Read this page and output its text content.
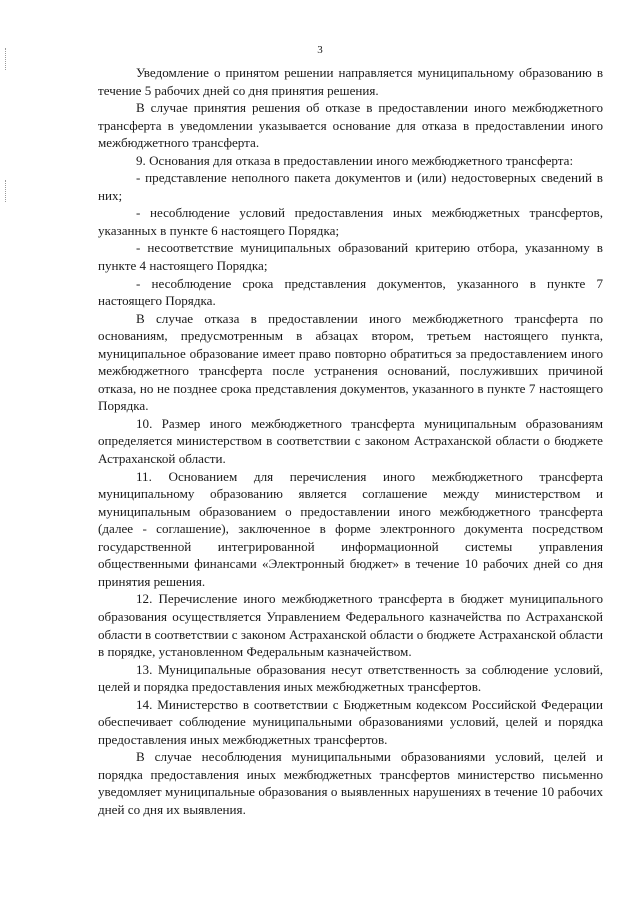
3

Уведомление о принятом решении направляется муниципальному образованию в течение 5 рабочих дней со дня принятия решения.

В случае принятия решения об отказе в предоставлении иного межбюджетного трансферта в уведомлении указывается основание для отказа в предоставлении иного межбюджетного трансферта.

9. Основания для отказа в предоставлении иного межбюджетного трансферта:

- представление неполного пакета документов и (или) недостоверных сведений в них;

- несоблюдение условий предоставления иных межбюджетных трансфертов, указанных в пункте 6 настоящего Порядка;

- несоответствие муниципальных образований критерию отбора, указанному в пункте 4 настоящего Порядка;

- несоблюдение срока представления документов, указанного в пункте 7 настоящего Порядка.

В случае отказа в предоставлении иного межбюджетного трансферта по основаниям, предусмотренным в абзацах втором, третьем настоящего пункта, муниципальное образование имеет право повторно обратиться за предоставлением иного межбюджетного трансферта после устранения оснований, послуживших причиной отказа, но не позднее срока представления документов, указанного в пункте 7 настоящего Порядка.

10. Размер иного межбюджетного трансферта муниципальным образованиям определяется министерством в соответствии с законом Астраханской области о бюджете Астраханской области.

11. Основанием для перечисления иного межбюджетного трансферта муниципальному образованию является соглашение между министерством и муниципальным образованием о предоставлении иного межбюджетного трансферта (далее - соглашение), заключенное в форме электронного документа посредством государственной интегрированной информационной системы управления общественными финансами «Электронный бюджет» в течение 10 рабочих дней со дня принятия решения.

12. Перечисление иного межбюджетного трансферта в бюджет муниципального образования осуществляется Управлением Федерального казначейства по Астраханской области в соответствии с законом Астраханской области о бюджете Астраханской области в порядке, установленном Федеральным казначейством.

13. Муниципальные образования несут ответственность за соблюдение условий, целей и порядка предоставления иных межбюджетных трансфертов.

14. Министерство в соответствии с Бюджетным кодексом Российской Федерации обеспечивает соблюдение муниципальными образованиями условий, целей и порядка предоставления иных межбюджетных трансфертов.

В случае несоблюдения муниципальными образованиями условий, целей и порядка предоставления иных межбюджетных трансфертов министерство письменно уведомляет муниципальные образования о выявленных нарушениях в течение 10 рабочих дней со дня их выявления.
